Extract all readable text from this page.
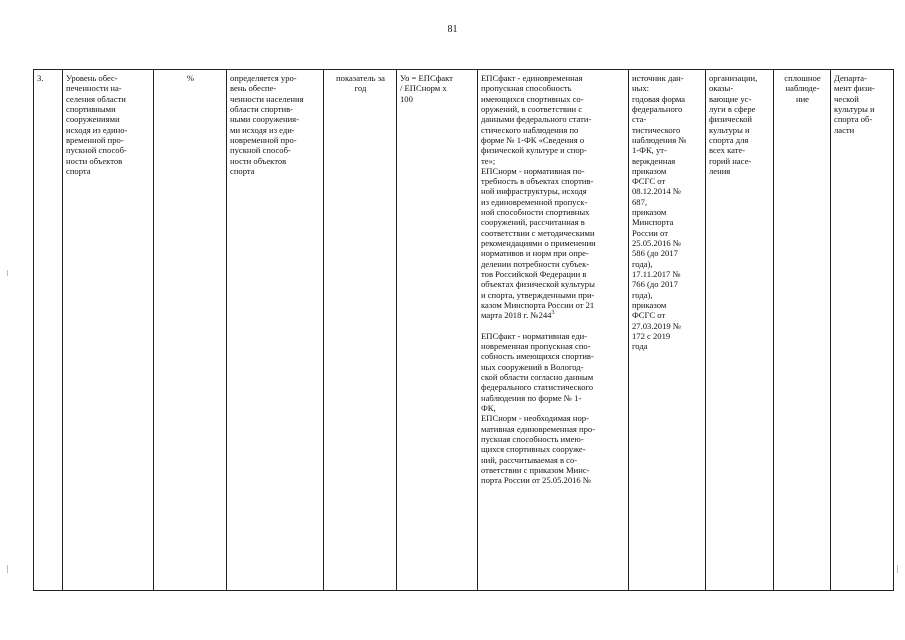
81
3.	Уровень обес-
печенности на-
селения области
спортивными
сооружениями
исходя из едино-
временной про-
пускной способ-
ности объектов
спорта	%	определяется уро-
вень обеспе-
ченности населения
области спортив-
ными сооружения-
ми исходя из еди-
новременной про-
пускной способ-
ности объектов
спорта	показатель за
год	Уо = ЕПСфакт
/ ЕПСнорм х
100	ЕПСфакт - единовременная
пропускная способность
имеющихся спортивных со-
оружений, в соответствии с
данными федерального стати-
стического наблюдения по
форме № 1-ФК «Сведения о
физической культуре и спор-
те»;
ЕПСнорм - нормативная по-
требность в объектах спортив-
ной инфраструктуры, исходя
из единовременной пропуск-
ной способности спортивных
сооружений, рассчитанная в
соответствии с методическими
рекомендациями о применении
нормативов и норм при опре-
делении потребности субъек-
тов Российской Федерации в
объектах физической культуры
и спорта, утвержденными при-
казом Минспорта России от 21
марта 2018 г. $№244^3$

ЕПСфакт - нормативная еди-
новременная пропускная спо-
собность имеющихся спортив-
ных сооружений в Вологод-
ской области согласно данным
федерального статистического
наблюдения по форме № 1-
ФК,
ЕПСнорм - необходимая нор-
мативная единовременная про-
пускная способность имею-
щихся спортивных сооруже-
ний, рассчитываемая в со-
ответствии с приказом Минс-
порта России от 25.05.2016 №	источник дан-
ных:
годовая форма
федерального
ста-
тистического
наблюдения №
1-ФК, ут-
вержденная
приказом
ФСГС от
08.12.2014 №
687,
приказом
Минспорта
России от
25.05.2016 №
586 (до 2017
года),
17.11.2017 №
766 (до 2017
года),
приказом
ФСГС от
27.03.2019 №
172 с 2019
года	организации,
оказы-
вающие ус-
луги в сфере
физической
культуры и
спорта для
всех кате-
горий насе-
ления	сплошное
наблюде-
ние	Департа-
мент физи-
ческой
культуры и
спорта об-
ласти
